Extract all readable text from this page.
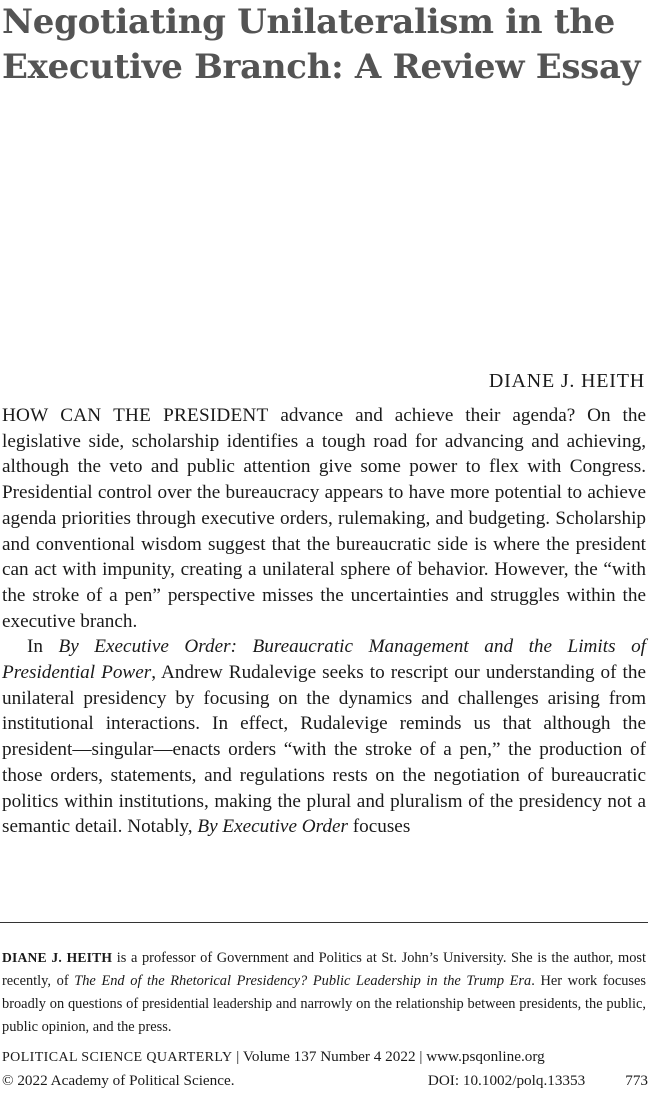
Negotiating Unilateralism in the
Executive Branch: A Review Essay
DIANE J. HEITH

HOW CAN THE PRESIDENT advance and achieve their agenda? On the legislative side, scholarship identifies a tough road for advancing and achieving, although the veto and public attention give some power to flex with Congress. Presidential control over the bureaucracy appears to have more potential to achieve agenda priorities through executive orders, rulemaking, and budgeting. Scholarship and conventional wisdom suggest that the bureaucratic side is where the president can act with impunity, creating a unilateral sphere of behavior. However, the “with the stroke of a pen” perspective misses the uncertainties and struggles within the executive branch.

In By Executive Order: Bureaucratic Management and the Limits of Presidential Power, Andrew Rudalevige seeks to rescript our understanding of the unilateral presidency by focusing on the dynamics and challenges arising from institutional interactions. In effect, Rudalevige reminds us that although the president—singular—enacts orders “with the stroke of a pen,” the production of those orders, statements, and regulations rests on the negotiation of bureaucratic politics within institutions, making the plural and pluralism of the presidency not a semantic detail. Notably, By Executive Order focuses

DIANE J. HEITH is a professor of Government and Politics at St. John’s University. She is the author, most recently, of The End of the Rhetorical Presidency? Public Leadership in the Trump Era. Her work focuses broadly on questions of presidential leadership and narrowly on the relationship between presidents, the public, public opinion, and the press.

POLITICAL SCIENCE QUARTERLY | Volume 137 Number 4 2022 | www.psqonline.org
© 2022 Academy of Political Science.	DOI: 10.1002/polq.13353	773
